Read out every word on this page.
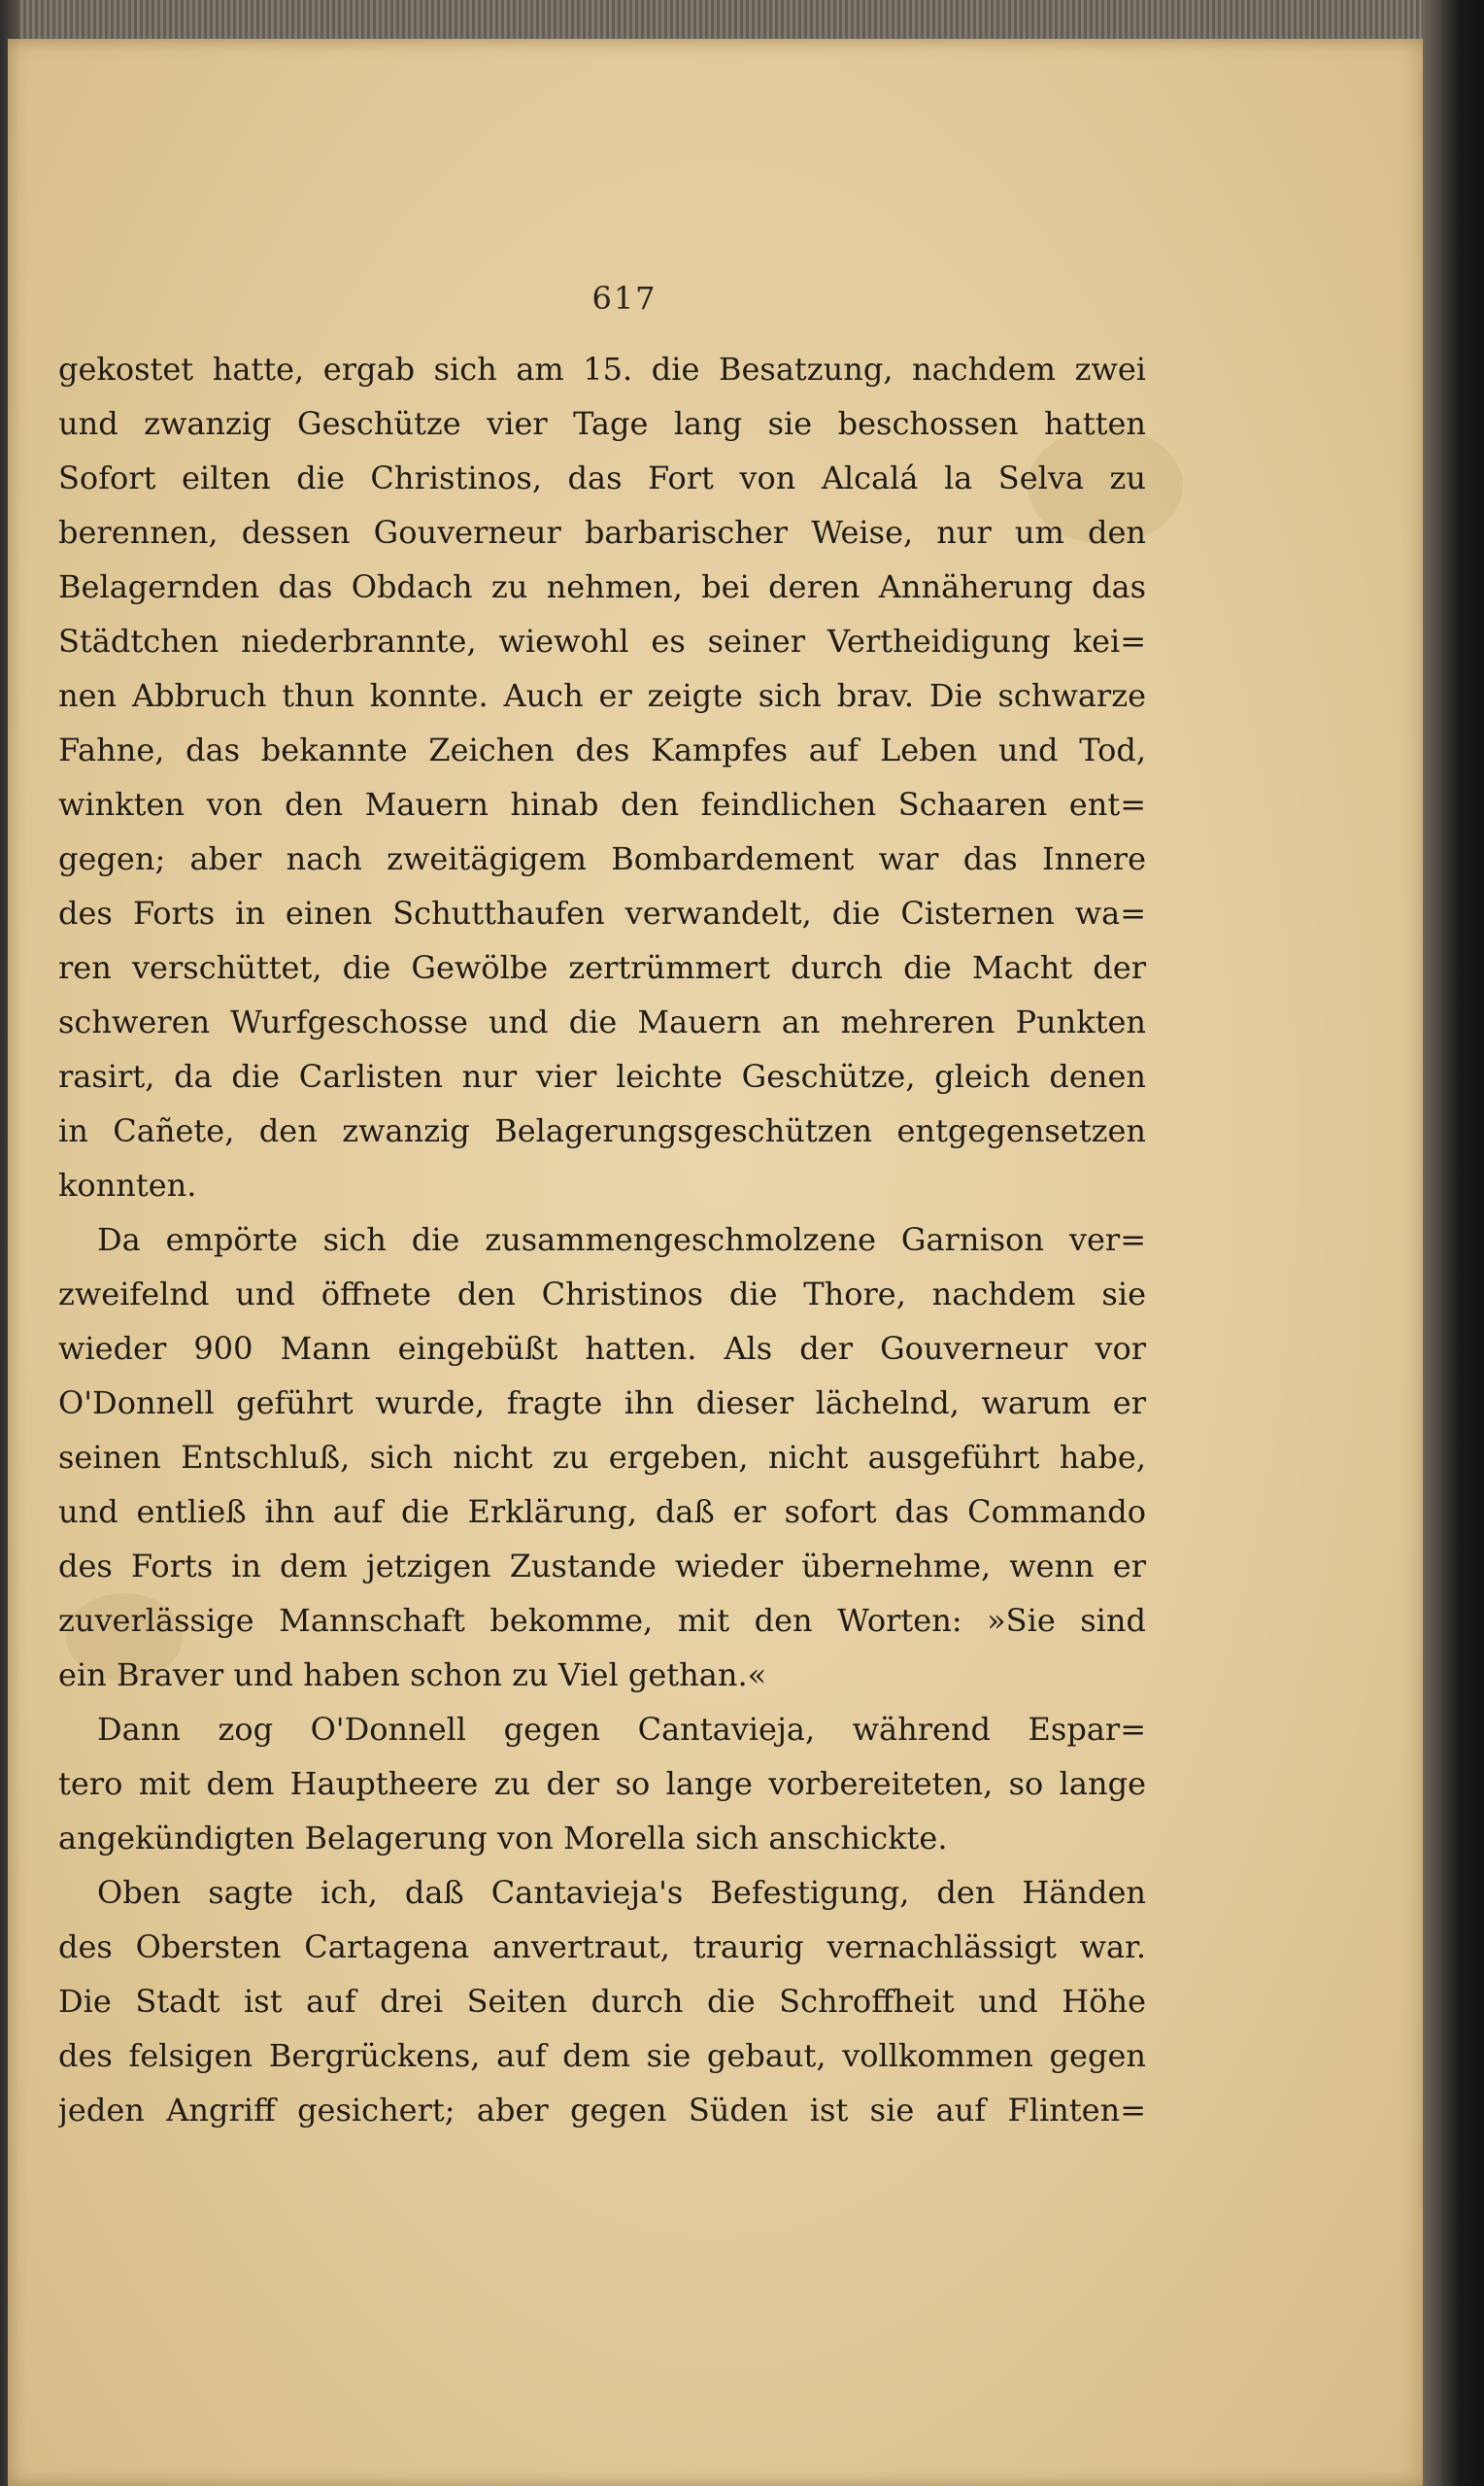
617
gekostet hatte, ergab sich am 15. die Besatzung, nachdem zwei
und zwanzig Geschütze vier Tage lang sie beschossen hatten
Sofort eilten die Christinos, das Fort von Alcalá la Selva zu
berennen, dessen Gouverneur barbarischer Weise, nur um den
Belagernden das Obdach zu nehmen, bei deren Annäherung das
Städtchen niederbrannte, wiewohl es seiner Vertheidigung kei=
nen Abbruch thun konnte. Auch er zeigte sich brav. Die schwarze
Fahne, das bekannte Zeichen des Kampfes auf Leben und Tod,
winkten von den Mauern hinab den feindlichen Schaaren ent=
gegen; aber nach zweitägigem Bombardement war das Innere
des Forts in einen Schutthaufen verwandelt, die Cisternen wa=
ren verschüttet, die Gewölbe zertrümmert durch die Macht der
schweren Wurfgeschosse und die Mauern an mehreren Punkten
rasirt, da die Carlisten nur vier leichte Geschütze, gleich denen
in Cañete, den zwanzig Belagerungsgeschützen entgegensetzen
konnten.
Da empörte sich die zusammengeschmolzene Garnison ver=
zweifelnd und öffnete den Christinos die Thore, nachdem sie
wieder 900 Mann eingebüßt hatten. Als der Gouverneur vor
O'Donnell geführt wurde, fragte ihn dieser lächelnd, warum er
seinen Entschluß, sich nicht zu ergeben, nicht ausgeführt habe,
und entließ ihn auf die Erklärung, daß er sofort das Commando
des Forts in dem jetzigen Zustande wieder übernehme, wenn er
zuverlässige Mannschaft bekomme, mit den Worten: »Sie sind
ein Braver und haben schon zu Viel gethan.«
Dann zog O'Donnell gegen Cantavieja, während Espar=
tero mit dem Hauptheere zu der so lange vorbereiteten, so lange
angekündigten Belagerung von Morella sich anschickte.
Oben sagte ich, daß Cantavieja's Befestigung, den Händen
des Obersten Cartagena anvertraut, traurig vernachlässigt war.
Die Stadt ist auf drei Seiten durch die Schroffheit und Höhe
des felsigen Bergrückens, auf dem sie gebaut, vollkommen gegen
jeden Angriff gesichert; aber gegen Süden ist sie auf Flinten=
